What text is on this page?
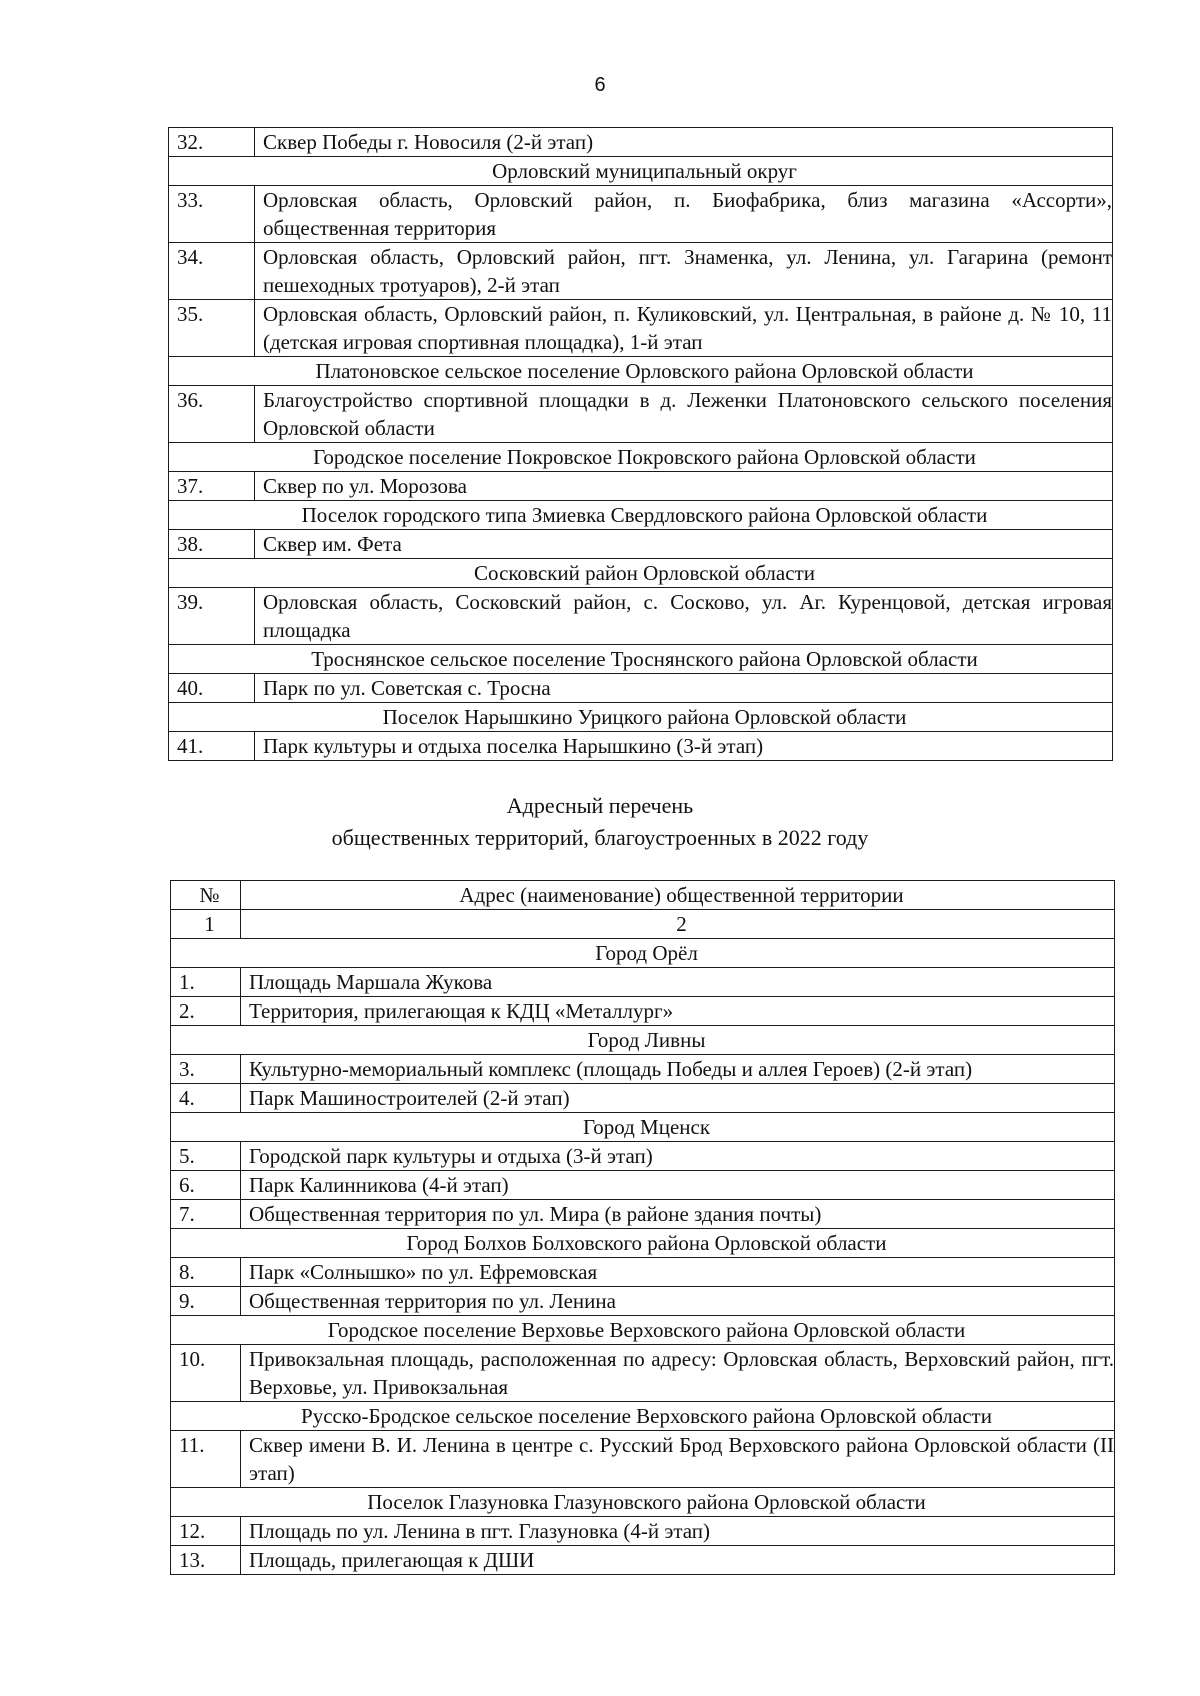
6
32.	Сквер Победы г. Новосиля (2-й этап)
Орловский муниципальный округ	
33.	Орловская область, Орловский район, п. Биофабрика, близ магазина «Ассорти», общественная территория
34.	Орловская область, Орловский район, пгт. Знаменка, ул. Ленина, ул. Гагарина (ремонт пешеходных тротуаров), 2-й этап
35.	Орловская область, Орловский район, п. Куликовский, ул. Центральная, в районе д. № 10, 11 (детская игровая спортивная площадка), 1-й этап
Платоновское сельское поселение Орловского района Орловской области	
36.	Благоустройство спортивной площадки в д. Леженки Платоновского сельского поселения Орловской области
Городское поселение Покровское Покровского района Орловской области	
37.	Сквер по ул. Морозова
Поселок городского типа Змиевка Свердловского района Орловской области	
38.	Сквер им. Фета
Сосковский район Орловской области	
39.	Орловская область, Сосковский район, с. Сосково, ул. Аг. Куренцовой, детская игровая площадка
Троснянское сельское поселение Троснянского района Орловской области	
40.	Парк по ул. Советская с. Тросна
Поселок Нарышкино Урицкого района Орловской области	
41.	Парк культуры и отдыха поселка Нарышкино (3-й этап)
Адресный перечень
общественных территорий, благоустроенных в 2022 году
№	Адрес (наименование) общественной территории
1	2
Город Орёл	
1.	Площадь Маршала Жукова
2.	Территория, прилегающая к КДЦ «Металлург»
Город Ливны	
3.	Культурно-мемориальный комплекс (площадь Победы и аллея Героев) (2-й этап)
4.	Парк Машиностроителей (2-й этап)
Город Мценск	
5.	Городской парк культуры и отдыха (3-й этап)
6.	Парк Калинникова (4-й этап)
7.	Общественная территория по ул. Мира (в районе здания почты)
Город Болхов Болховского района Орловской области	
8.	Парк «Солнышко» по ул. Ефремовская
9.	Общественная территория по ул. Ленина
Городское поселение Верховье Верховского района Орловской области	
10.	Привокзальная площадь, расположенная по адресу: Орловская область, Верховский район, пгт. Верховье, ул. Привокзальная
Русско-Бродское сельское поселение Верховского района Орловской области	
11.	Сквер имени В. И. Ленина в центре с. Русский Брод Верховского района Орловской области (II этап)
Поселок Глазуновка Глазуновского района Орловской области	
12.	Площадь по ул. Ленина в пгт. Глазуновка (4-й этап)
13.	Площадь, прилегающая к ДШИ
